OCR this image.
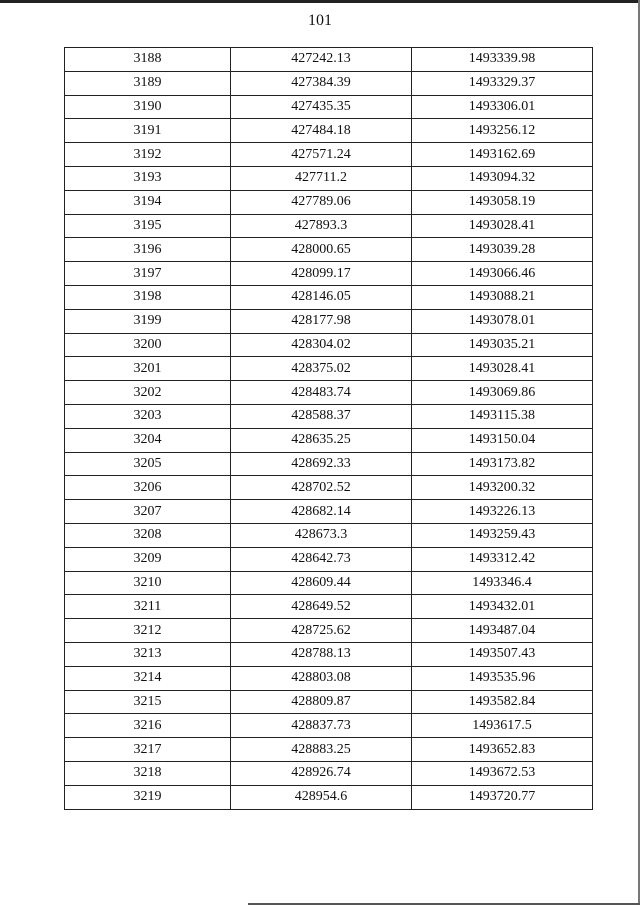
101
3188	427242.13	1493339.98
3189	427384.39	1493329.37
3190	427435.35	1493306.01
3191	427484.18	1493256.12
3192	427571.24	1493162.69
3193	427711.2	1493094.32
3194	427789.06	1493058.19
3195	427893.3	1493028.41
3196	428000.65	1493039.28
3197	428099.17	1493066.46
3198	428146.05	1493088.21
3199	428177.98	1493078.01
3200	428304.02	1493035.21
3201	428375.02	1493028.41
3202	428483.74	1493069.86
3203	428588.37	1493115.38
3204	428635.25	1493150.04
3205	428692.33	1493173.82
3206	428702.52	1493200.32
3207	428682.14	1493226.13
3208	428673.3	1493259.43
3209	428642.73	1493312.42
3210	428609.44	1493346.4
3211	428649.52	1493432.01
3212	428725.62	1493487.04
3213	428788.13	1493507.43
3214	428803.08	1493535.96
3215	428809.87	1493582.84
3216	428837.73	1493617.5
3217	428883.25	1493652.83
3218	428926.74	1493672.53
3219	428954.6	1493720.77
